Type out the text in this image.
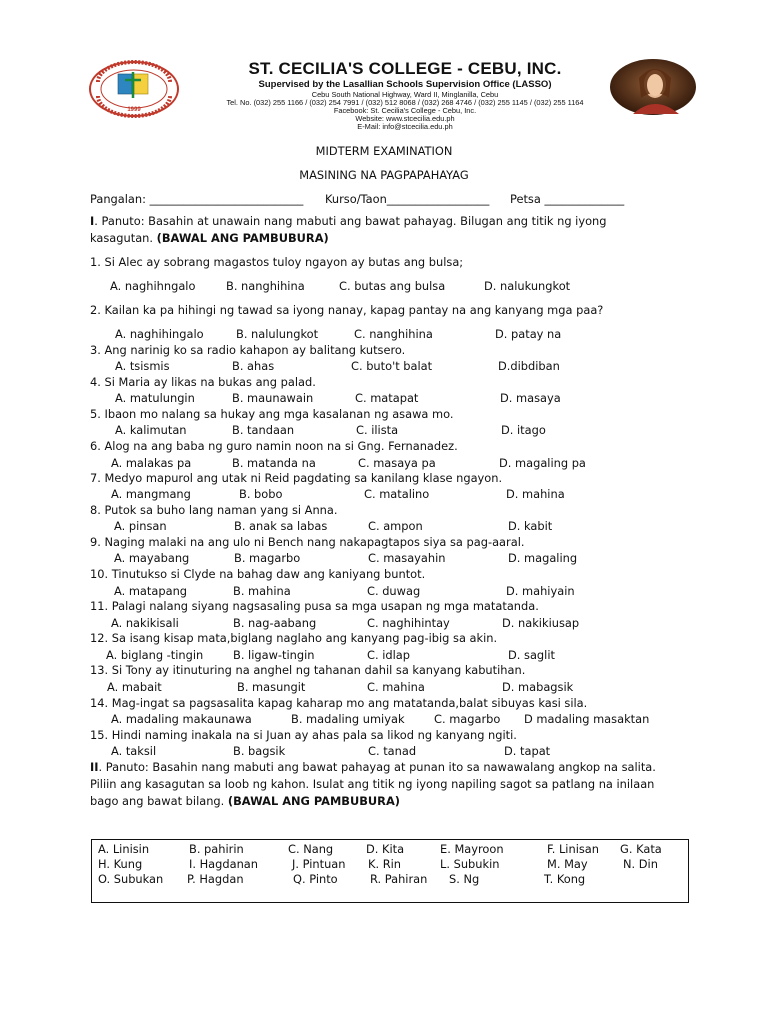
1999
ST. CECILIA'S COLLEGE - CEBU, INC.
Supervised by the Lasallian Schools Supervision Office (LASSO)
Cebu South National Highway, Ward II, Minglanilla, Cebu
Tel. No. (032) 255 1166 / (032) 254 7991 / (032) 512 8068 / (032) 268 4746 / (032) 255 1145 / (032) 255 1164
Facebook: St. Cecilia's College - Cebu, Inc.
Website: www.stcecilia.edu.ph
E-Mail: info@stcecilia.edu.ph
MIDTERM EXAMINATION
MASINING NA PAGPAPAHAYAG
Pangalan: ___________________________ Kurso/Taon__________________ Petsa ______________
I. Panuto: Basahin at unawain nang mabuti ang bawat pahayag. Bilugan ang titik ng iyong
kasagutan. (BAWAL ANG PAMBUBURA)
1. Si Alec ay sobrang magastos tuloy ngayon ay butas ang bulsa;
A. naghihngalo	B. nanghihina	C. butas ang bulsa	D. nalukungkot
2. Kailan ka pa hihingi ng tawad sa iyong nanay, kapag pantay na ang kanyang mga paa?
A. naghihingalo	B. nalulungkot	C. nanghihina	D. patay na
3. Ang narinig ko sa radio kahapon ay balitang kutsero.
A. tsismis	B. ahas	C. buto't balat	D.dibdiban
4. Si Maria ay likas na bukas ang palad.
A. matulungin	B. maunawain	C. matapat	D. masaya
5. Ibaon mo nalang sa hukay ang mga kasalanan ng asawa mo.
A. kalimutan	B. tandaan	C. ilista	D. itago
6. Alog na ang baba ng guro namin noon na si Gng. Fernanadez.
A. malakas pa	B. matanda na	C. masaya pa	D. magaling pa
7. Medyo mapurol ang utak ni Reid pagdating sa kanilang klase ngayon.
A. mangmang	B. bobo	C. matalino	D. mahina
8. Putok sa buho lang naman yang si Anna.
A. pinsan	B. anak sa labas	C. ampon	D. kabit
9. Naging malaki na ang ulo ni Bench nang nakapagtapos siya sa pag-aaral.
A. mayabang	B. magarbo	C. masayahin	D. magaling
10. Tinutukso si Clyde na bahag daw ang kaniyang buntot.
A. matapang	B. mahina	C. duwag	D. mahiyain
11. Palagi nalang siyang nagsasaling pusa sa mga usapan ng mga matatanda.
A. nakikisali	B. nag-aabang	C. naghihintay	D. nakikiusap
12. Sa isang kisap mata,biglang naglaho ang kanyang pag-ibig sa akin.
A. biglang -tingin	B. ligaw-tingin	C. idlap	D. saglit
13. Si Tony ay itinuturing na anghel ng tahanan dahil sa kanyang kabutihan.
A. mabait	B. masungit	C. mahina	D. mabagsik
14. Mag-ingat sa pagsasalita kapag kaharap mo ang matatanda,balat sibuyas kasi sila.
A. madaling makaunawa	B. madaling umiyak	C. magarbo D madaling masaktan
15. Hindi naming inakala na si Juan ay ahas pala sa likod ng kanyang ngiti.
A. taksil	B. bagsik	C. tanad	D. tapat
II. Panuto: Basahin nang mabuti ang bawat pahayag at punan ito sa nawawalang angkop na salita.
Piliin ang kasagutan sa loob ng kahon. Isulat ang titik ng iyong napiling sagot sa patlang na inilaan
bago ang bawat bilang. (BAWAL ANG PAMBUBURA)
A. Linisin	B. pahirin	C. Nang	D. Kita	E. Mayroon	F. Linisan G. Kata
H. Kung	I. Hagdanan	J. Pintuan K. Rin	L. Subukin	M. May	N. Din
O. Subukan P. Hagdan	Q. Pinto	R. Pahiran S. Ng	T. Kong
